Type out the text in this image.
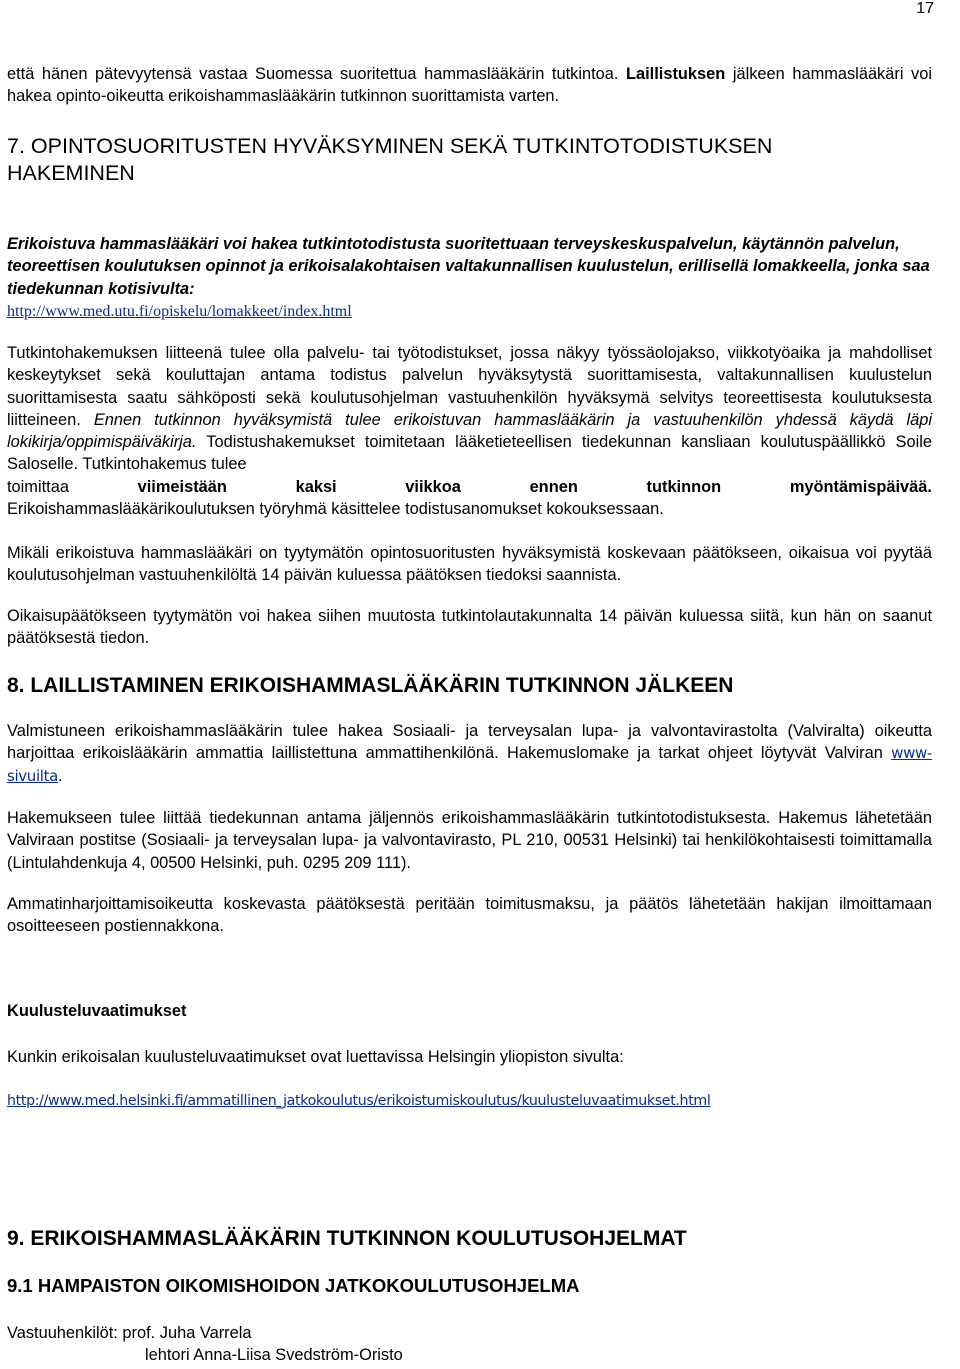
17

että hänen pätevyytensä vastaa Suomessa suoritettua hammaslääkärin tutkintoa. Laillistuksen jälkeen hammaslääkäri voi hakea opinto-oikeutta erikoishammaslääkärin tutkinnon suorittamista varten.

7. OPINTOSUORITUSTEN HYVÄKSYMINEN SEKÄ TUTKINTOTODISTUKSEN
HAKEMINEN

Erikoistuva hammaslääkäri voi hakea tutkintotodistusta suoritettuaan terveyskeskuspalvelun, käytännön palvelun, teoreettisen koulutuksen opinnot ja erikoisalakohtaisen valtakunnallisen kuulustelun, erillisellä lomakkeella, jonka saa tiedekunnan kotisivulta:
http://www.med.utu.fi/opiskelu/lomakkeet/index.html

Tutkintohakemuksen liitteenä tulee olla palvelu- tai työtodistukset, jossa näkyy työssäolojakso, viikkotyöaika ja mahdolliset keskeytykset sekä kouluttajan antama todistus palvelun hyväksytystä suorittamisesta, valtakunnallisen kuulustelun suorittamisesta saatu sähköposti sekä koulutusohjelman vastuuhenkilön hyväksymä selvitys teoreettisesta koulutuksesta liitteineen. Ennen tutkinnon hyväksymistä tulee erikoistuvan hammaslääkärin ja vastuuhenkilön yhdessä käydä läpi lokikirja/oppimispäiväkirja. Todistushakemukset toimitetaan lääketieteellisen tiedekunnan kansliaan koulutuspäällikkö Soile Saloselle. Tutkintohakemus tulee
toimittaa	viimeistään	kaksi	viikkoa	ennen	tutkinnon	myöntämispäivää.
Erikoishammaslääkärikoulutuksen työryhmä käsittelee todistusanomukset kokouksessaan.

Mikäli erikoistuva hammaslääkäri on tyytymätön opintosuoritusten hyväksymistä koskevaan päätökseen, oikaisua voi pyytää koulutusohjelman vastuuhenkilöltä 14 päivän kuluessa päätöksen tiedoksi saannista.

Oikaisupäätökseen tyytymätön voi hakea siihen muutosta tutkintolautakunnalta 14 päivän kuluessa siitä, kun hän on saanut päätöksestä tiedon.

8. LAILLISTAMINEN ERIKOISHAMMASLÄÄKÄRIN TUTKINNON JÄLKEEN

Valmistuneen erikoishammaslääkärin tulee hakea Sosiaali- ja terveysalan lupa- ja valvontavirastolta (Valviralta) oikeutta harjoittaa erikoislääkärin ammattia laillistettuna ammattihenkilönä. Hakemuslomake ja tarkat ohjeet löytyvät Valviran www-sivuilta.

Hakemukseen tulee liittää tiedekunnan antama jäljennös erikoishammaslääkärin tutkintotodistuksesta. Hakemus lähetetään Valviraan postitse (Sosiaali- ja terveysalan lupa- ja valvontavirasto, PL 210, 00531 Helsinki) tai henkilökohtaisesti toimittamalla (Lintulahdenkuja 4, 00500 Helsinki, puh. 0295 209 111).

Ammatinharjoittamisoikeutta koskevasta päätöksestä peritään toimitusmaksu, ja päätös lähetetään hakijan ilmoittamaan osoitteeseen postiennakkona.

Kuulusteluvaatimukset

Kunkin erikoisalan kuulusteluvaatimukset ovat luettavissa Helsingin yliopiston sivulta:

http://www.med.helsinki.fi/ammatillinen_jatkokoulutus/erikoistumiskoulutus/kuulusteluvaatimukset.html

9. ERIKOISHAMMASLÄÄKÄRIN TUTKINNON KOULUTUSOHJELMAT

9.1 HAMPAISTON OIKOMISHOIDON JATKOKOULUTUSOHJELMA

Vastuuhenkilöt: prof. Juha Varrela
lehtori Anna-Liisa Svedström-Oristo
